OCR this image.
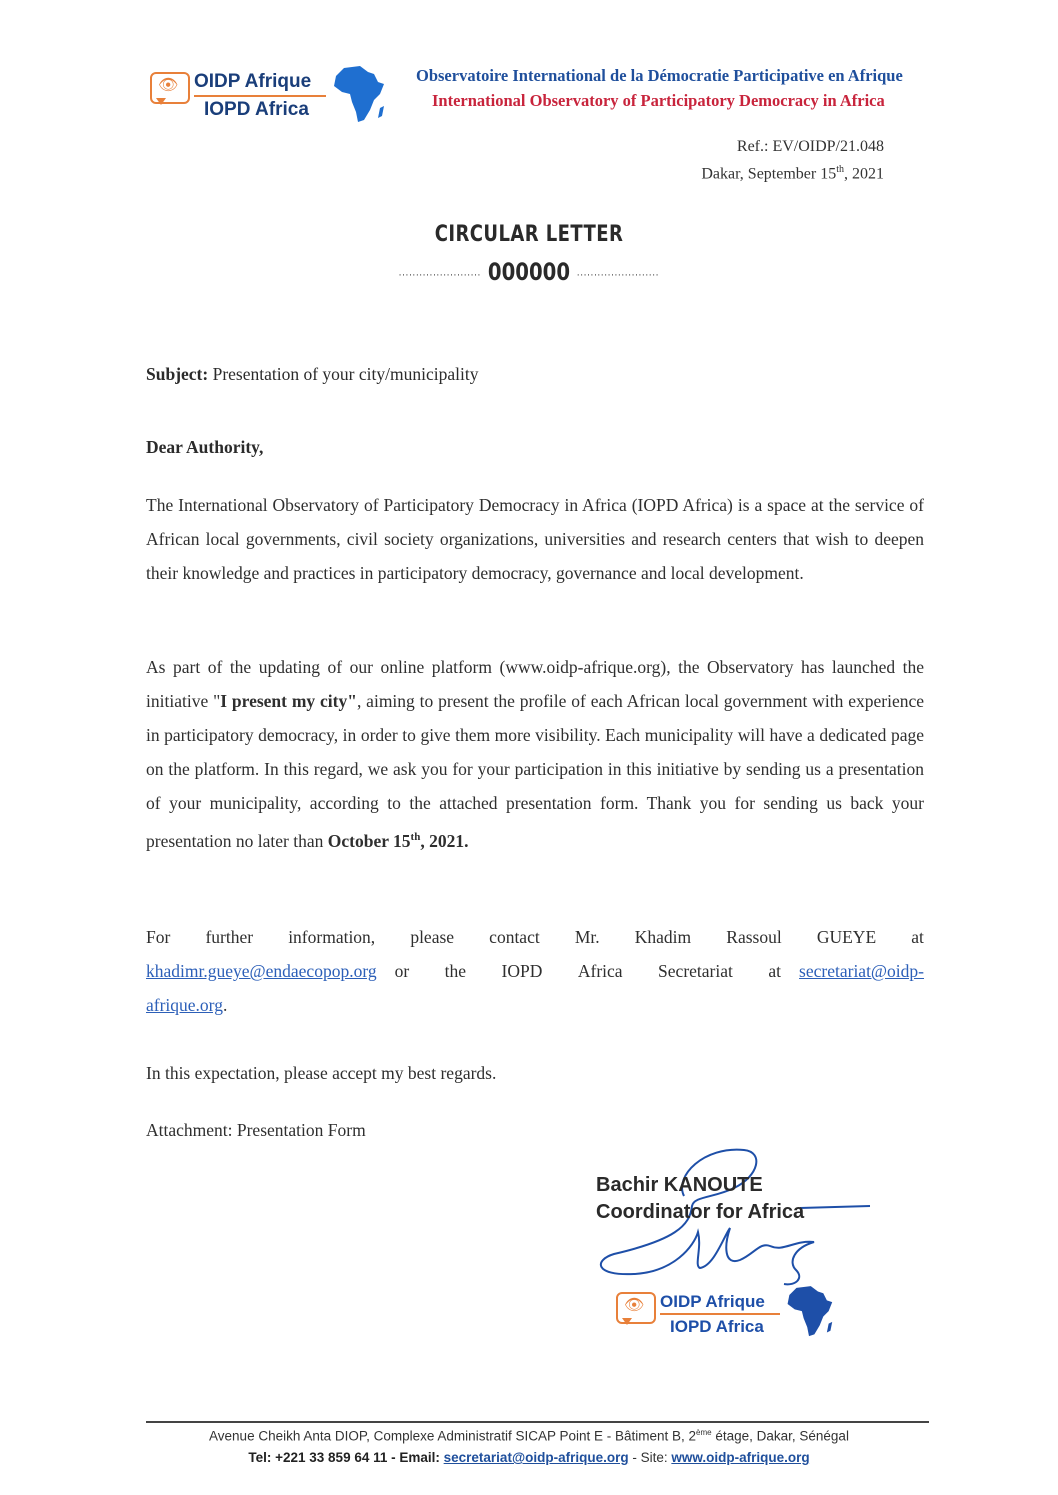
👁 OIDP Afrique
IOPD Africa
Observatoire International de la Démocratie Participative en Afrique
International Observatory of Participatory Democracy in Africa
Ref.: EV/OIDP/21.048
Dakar, September 15th, 2021
CIRCULAR LETTER
........................ 000000 ........................
Subject: Presentation of your city/municipality
Dear Authority,
The International Observatory of Participatory Democracy in Africa (IOPD Africa) is a space at the service of African local governments, civil society organizations, universities and research centers that wish to deepen their knowledge and practices in participatory democracy, governance and local development.
As part of the updating of our online platform (www.oidp-afrique.org), the Observatory has launched the initiative "I present my city", aiming to present the profile of each African local government with experience in participatory democracy, in order to give them more visibility. Each municipality will have a dedicated page on the platform. In this regard, we ask you for your participation in this initiative by sending us a presentation of your municipality, according to the attached presentation form. Thank you for sending us back your presentation no later than October 15th, 2021.
For further information, please contact Mr. Khadim Rassoul GUEYE at
khadimr.gueye@endaecopop.org or the IOPD Africa Secretariat at secretariat@oidp-
afrique.org.
In this expectation, please accept my best regards.
Attachment: Presentation Form
Bachir KANOUTE
Coordinator for Africa
👁 OIDP Afrique
IOPD Africa
Avenue Cheikh Anta DIOP, Complexe Administratif SICAP Point E - Bâtiment B, 2ème étage, Dakar, Sénégal
Tel: +221 33 859 64 11 - Email: secretariat@oidp-afrique.org - Site: www.oidp-afrique.org
